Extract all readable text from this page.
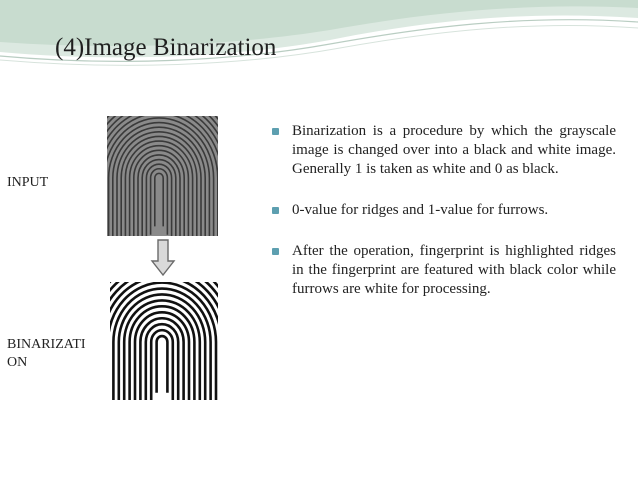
(4)Image Binarization
INPUT
BINARIZATI ON
Binarization is a procedure by which the grayscale image is changed over into a black and white image. Generally 1 is taken as white and 0 as black.
0-value for ridges and 1-value for furrows.
After the operation, fingerprint is highlighted ridges in the fingerprint are featured with black color while furrows are white for processing.
